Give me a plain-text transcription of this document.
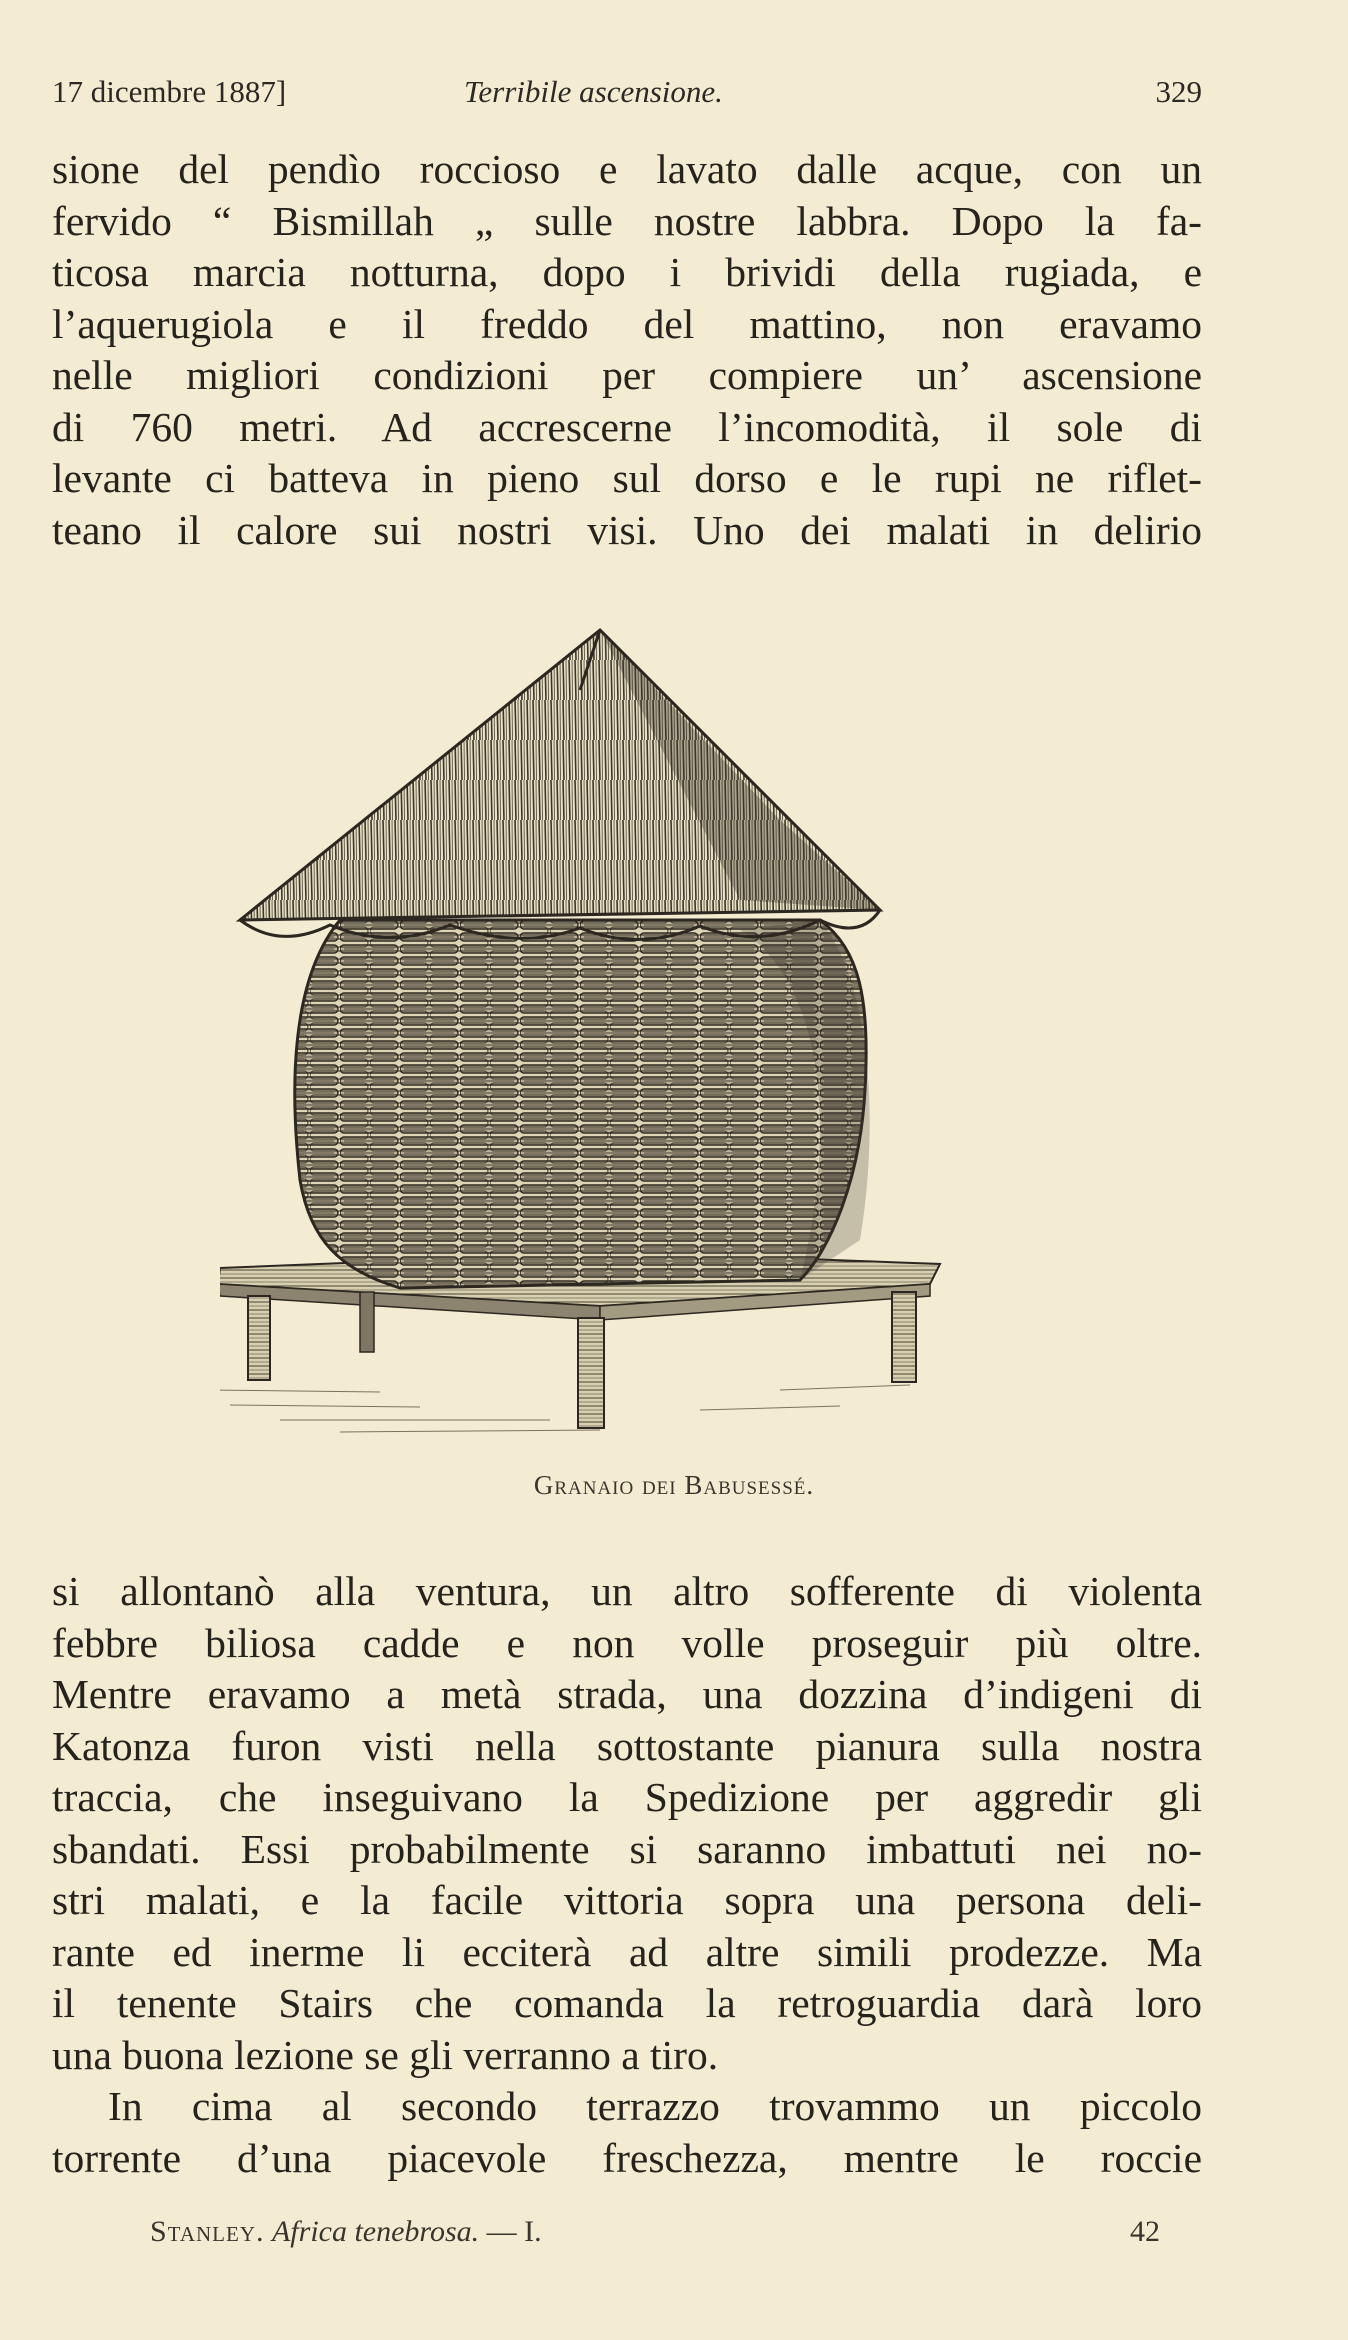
17 dicembre 1887]	Terribile ascensione.	329
sione del pendìo roccioso e lavato dalle acque, con un
fervido “ Bismillah „ sulle nostre labbra. Dopo la fa-
ticosa marcia notturna, dopo i brividi della rugiada, e
l’aquerugiola e il freddo del mattino, non eravamo
nelle migliori condizioni per compiere un’ ascensione
di 760 metri. Ad accrescerne l’incomodità, il sole di
levante ci batteva in pieno sul dorso e le rupi ne riflet-
teano il calore sui nostri visi. Uno dei malati in delirio
Granaio dei Babusessé.
si allontanò alla ventura, un altro sofferente di violenta
febbre biliosa cadde e non volle proseguir più oltre.
Mentre eravamo a metà strada, una dozzina d’indigeni di
Katonza furon visti nella sottostante pianura sulla nostra
traccia, che inseguivano la Spedizione per aggredir gli
sbandati. Essi probabilmente si saranno imbattuti nei no-
stri malati, e la facile vittoria sopra una persona deli-
rante ed inerme li ecciterà ad altre simili prodezze. Ma
il tenente Stairs che comanda la retroguardia darà loro
una buona lezione se gli verranno a tiro.
In cima al secondo terrazzo trovammo un piccolo
torrente d’una piacevole freschezza, mentre le roccie
Stanley. Africa tenebrosa. — I.	42
